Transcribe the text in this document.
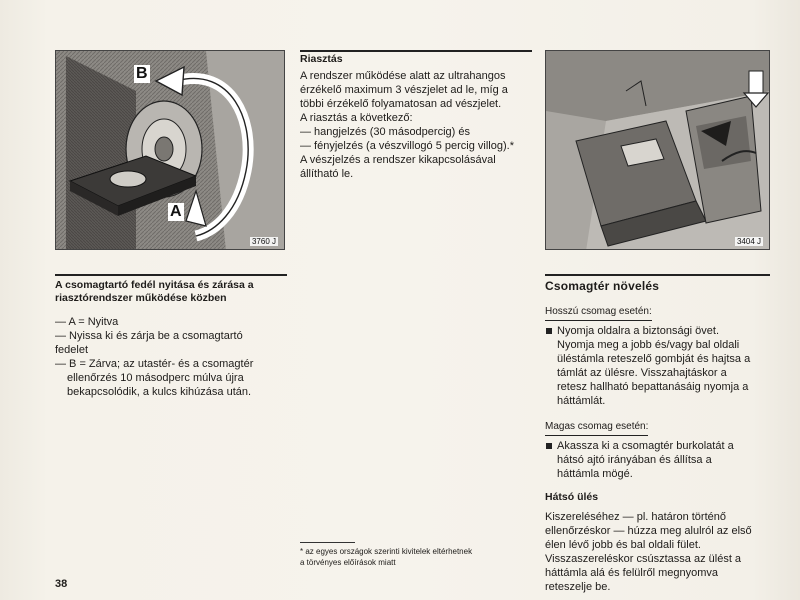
B
A
3760 J	3404 J
A csomagtartó fedél nyitása és zárása a
riasztórendszer működése közben
— A = Nyitva
— Nyissa ki és zárja be a csomagtartó
fedelet
— B = Zárva; az utastér- és a csomagtér
ellenőrzés 10 másodperc múlva újra
bekapcsolódik, a kulcs kihúzása után.
Riasztás
A rendszer működése alatt az ultrahangos
érzékelő maximum 3 vészjelet ad le, míg a
többi érzékelő folyamatosan ad vészjelet.
A riasztás a következő:
— hangjelzés (30 másodpercig) és
— fényjelzés (a vészvillogó 5 percig villog).*
A vészjelzés a rendszer kikapcsolásával
állítható le.
* az egyes országok szerinti kivitelek eltérhetnek
a törvényes előírások miatt
Csomagtér növelés
Hosszú csomag esetén:
Nyomja oldalra a biztonsági övet.
Nyomja meg a jobb és/vagy bal oldali
üléstámla reteszelő gombját és hajtsa a
támlát az ülésre. Visszahajtáskor a
retesz hallható bepattanásáig nyomja a
háttámlát.
Magas csomag esetén:
Akassza ki a csomagtér burkolatát a
hátsó ajtó irányában és állítsa a
háttámla mögé.
Hátsó ülés
Kiszereléséhez — pl. határon történő
ellenőrzéskor — húzza meg alulról az első
élen lévő jobb és bal oldali fület.
Visszaszereléskor csúsztassa az ülést a
háttámla alá és felülről megnyomva
reteszelje be.
38
